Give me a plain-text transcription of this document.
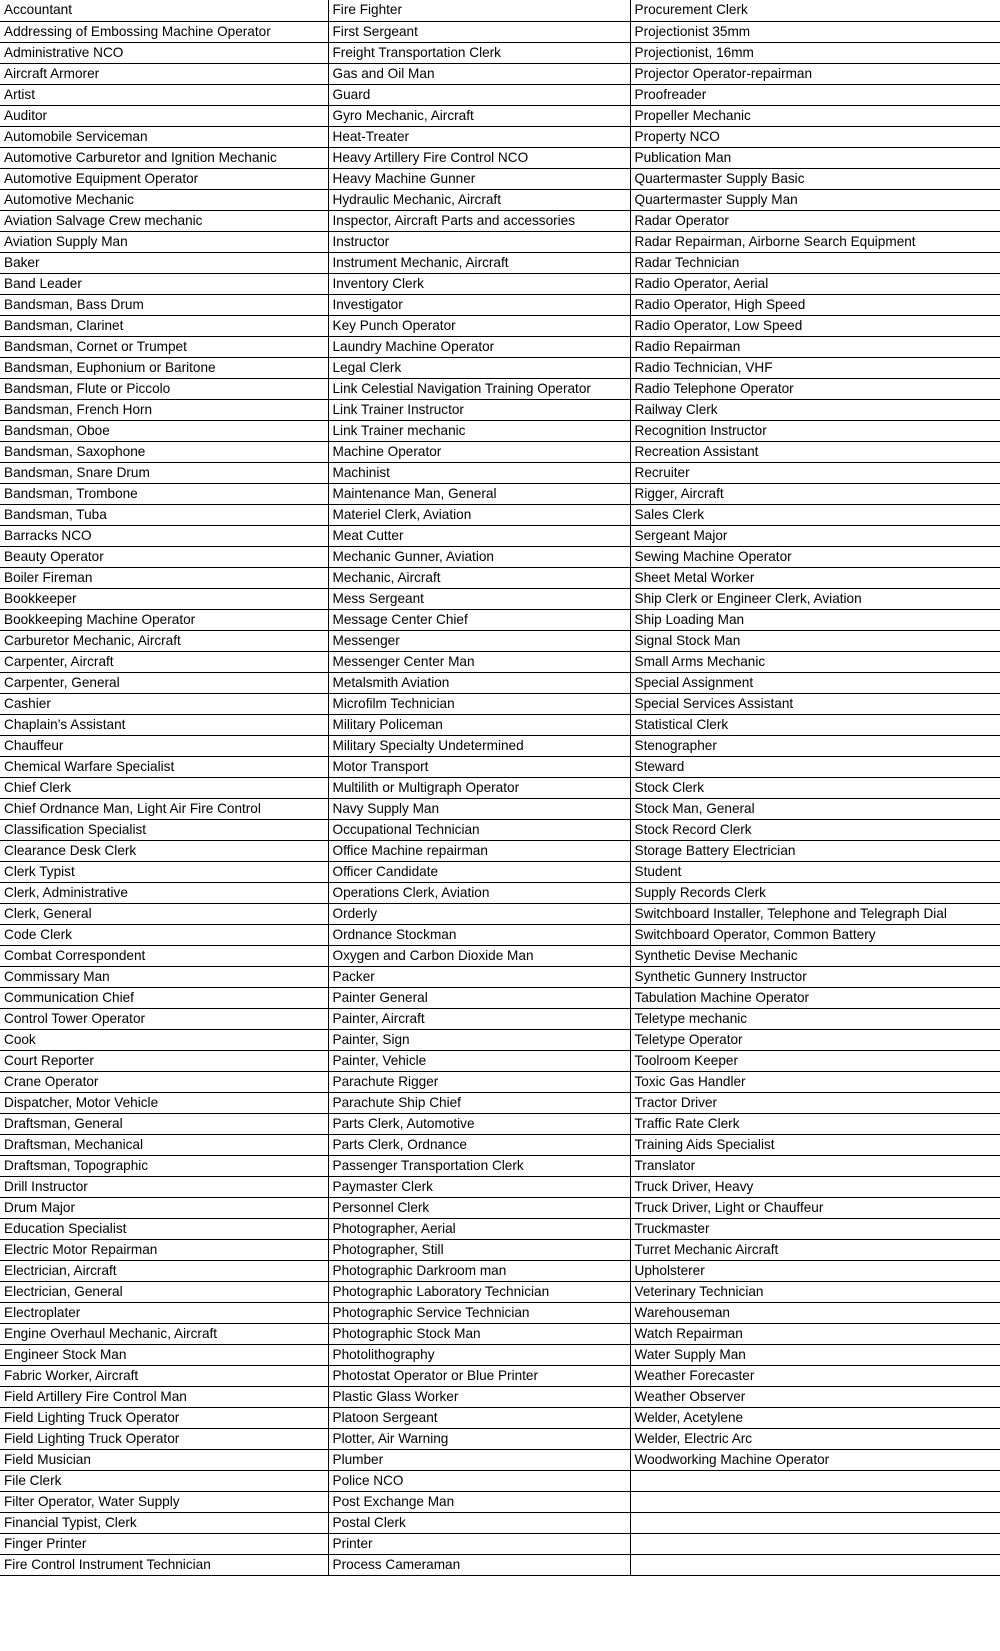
Accountant	Fire Fighter	Procurement Clerk
Addressing of Embossing Machine Operator	First Sergeant	Projectionist 35mm
Administrative NCO	Freight Transportation Clerk	Projectionist, 16mm
Aircraft Armorer	Gas and Oil Man	Projector Operator-repairman
Artist	Guard	Proofreader
Auditor	Gyro Mechanic, Aircraft	Propeller Mechanic
Automobile Serviceman	Heat-Treater	Property NCO
Automotive Carburetor and Ignition Mechanic	Heavy Artillery Fire Control NCO	Publication Man
Automotive Equipment Operator	Heavy Machine Gunner	Quartermaster Supply Basic
Automotive Mechanic	Hydraulic Mechanic, Aircraft	Quartermaster Supply Man
Aviation Salvage Crew mechanic	Inspector, Aircraft Parts and accessories	Radar Operator
Aviation Supply Man	Instructor	Radar Repairman, Airborne Search Equipment
Baker	Instrument Mechanic, Aircraft	Radar Technician
Band Leader	Inventory Clerk	Radio Operator, Aerial
Bandsman, Bass Drum	Investigator	Radio Operator, High Speed
Bandsman, Clarinet	Key Punch Operator	Radio Operator, Low Speed
Bandsman, Cornet or Trumpet	Laundry Machine Operator	Radio Repairman
Bandsman, Euphonium or Baritone	Legal Clerk	Radio Technician, VHF
Bandsman, Flute or Piccolo	Link Celestial Navigation Training Operator	Radio Telephone Operator
Bandsman, French Horn	Link Trainer Instructor	Railway Clerk
Bandsman, Oboe	Link Trainer mechanic	Recognition Instructor
Bandsman, Saxophone	Machine Operator	Recreation Assistant
Bandsman, Snare Drum	Machinist	Recruiter
Bandsman, Trombone	Maintenance Man, General	Rigger, Aircraft
Bandsman, Tuba	Materiel Clerk, Aviation	Sales Clerk
Barracks NCO	Meat Cutter	Sergeant Major
Beauty Operator	Mechanic Gunner, Aviation	Sewing Machine Operator
Boiler Fireman	Mechanic, Aircraft	Sheet Metal Worker
Bookkeeper	Mess Sergeant	Ship Clerk or Engineer Clerk, Aviation
Bookkeeping Machine Operator	Message Center Chief	Ship Loading Man
Carburetor Mechanic, Aircraft	Messenger	Signal Stock Man
Carpenter, Aircraft	Messenger Center Man	Small Arms Mechanic
Carpenter, General	Metalsmith Aviation	Special Assignment
Cashier	Microfilm Technician	Special Services Assistant
Chaplain’s Assistant	Military Policeman	Statistical Clerk
Chauffeur	Military Specialty Undetermined	Stenographer
Chemical Warfare Specialist	Motor Transport	Steward
Chief Clerk	Multilith or Multigraph Operator	Stock Clerk
Chief Ordnance Man, Light Air Fire Control	Navy Supply Man	Stock Man, General
Classification Specialist	Occupational Technician	Stock Record Clerk
Clearance Desk Clerk	Office Machine repairman	Storage Battery Electrician
Clerk Typist	Officer Candidate	Student
Clerk, Administrative	Operations Clerk, Aviation	Supply Records Clerk
Clerk, General	Orderly	Switchboard Installer, Telephone and Telegraph Dial
Code Clerk	Ordnance Stockman	Switchboard Operator, Common Battery
Combat Correspondent	Oxygen and Carbon Dioxide Man	Synthetic Devise Mechanic
Commissary Man	Packer	Synthetic Gunnery Instructor
Communication Chief	Painter General	Tabulation Machine Operator
Control Tower Operator	Painter, Aircraft	Teletype mechanic
Cook	Painter, Sign	Teletype Operator
Court Reporter	Painter, Vehicle	Toolroom Keeper
Crane Operator	Parachute Rigger	Toxic Gas Handler
Dispatcher, Motor Vehicle	Parachute Ship Chief	Tractor Driver
Draftsman, General	Parts Clerk, Automotive	Traffic Rate Clerk
Draftsman, Mechanical	Parts Clerk, Ordnance	Training Aids Specialist
Draftsman, Topographic	Passenger Transportation Clerk	Translator
Drill Instructor	Paymaster Clerk	Truck Driver, Heavy
Drum Major	Personnel Clerk	Truck Driver, Light or Chauffeur
Education Specialist	Photographer, Aerial	Truckmaster
Electric Motor Repairman	Photographer, Still	Turret Mechanic Aircraft
Electrician, Aircraft	Photographic Darkroom man	Upholsterer
Electrician, General	Photographic Laboratory Technician	Veterinary Technician
Electroplater	Photographic Service Technician	Warehouseman
Engine Overhaul Mechanic, Aircraft	Photographic Stock Man	Watch Repairman
Engineer Stock Man	Photolithography	Water Supply Man
Fabric Worker, Aircraft	Photostat Operator or Blue Printer	Weather Forecaster
Field Artillery Fire Control Man	Plastic Glass Worker	Weather Observer
Field Lighting Truck Operator	Platoon Sergeant	Welder, Acetylene
Field Lighting Truck Operator	Plotter, Air Warning	Welder, Electric Arc
Field Musician	Plumber	Woodworking Machine Operator
File Clerk	Police NCO	
Filter Operator, Water Supply	Post Exchange Man	
Financial Typist, Clerk	Postal Clerk	
Finger Printer	Printer	
Fire Control Instrument Technician	Process Cameraman	
